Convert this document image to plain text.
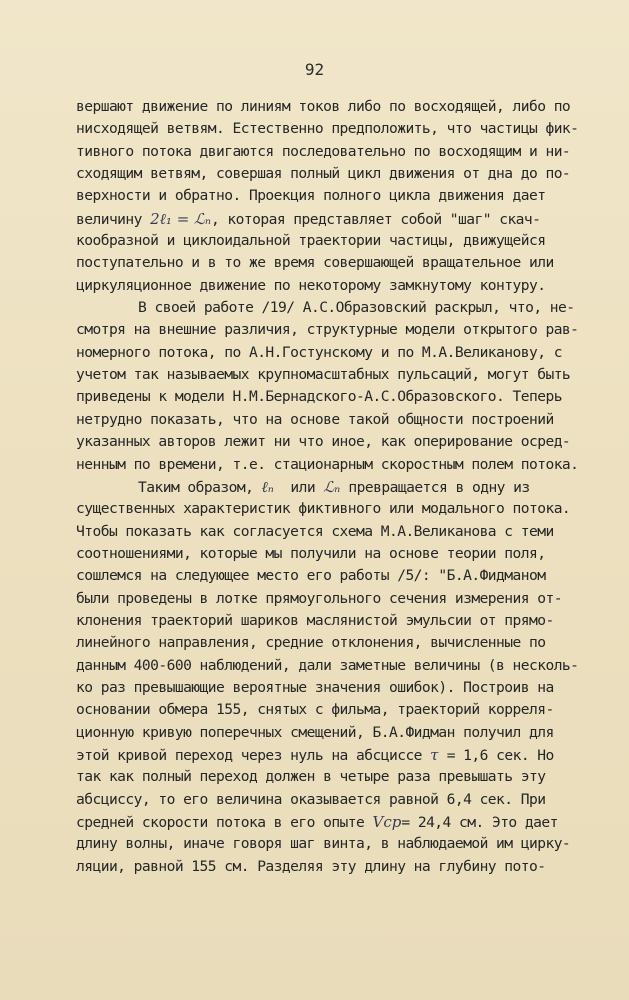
92
вершают движение по линиям токов либо по восходящей, либо по
нисходящей ветвям. Естественно предположить, что частицы фик-
тивного потока двигаются последовательно по восходящим и ни-
сходящим ветвям, совершая полный цикл движения от дна до по-
верхности и обратно. Проекция полного цикла движения дает
величину 2ℓ₁ = ℒₙ, которая представляет собой "шаг" скач-
кообразной и циклоидальной траектории частицы, движущейся
поступательно и в то же время совершающей вращательное или
циркуляционное движение по некоторому замкнутому контуру.
В своей работе /19/ А.С.Образовский раскрыл, что, не-
смотря на внешние различия, структурные модели открытого рав-
номерного потока, по А.Н.Гостунскому и по М.А.Великанову, с
учетом так называемых крупномасштабных пульсаций, могут быть
приведены к модели Н.М.Бернадского-А.С.Образовского. Теперь
нетрудно показать, что на основе такой общности построений
указанных авторов лежит ни что иное, как оперирование осред-
ненным по времени, т.е. стационарным скоростным полем потока.
Таким образом, ℓₙ  или ℒₙ превращается в одну из
существенных характеристик фиктивного или модального потока.
Чтобы показать как согласуется схема М.А.Великанова с теми
соотношениями, которые мы получили на основе теории поля,
сошлемся на следующее место его работы /5/: "Б.А.Фидманом
были проведены в лотке прямоугольного сечения измерения от-
клонения траекторий шариков маслянистой эмульсии от прямо-
линейного направления, средние отклонения, вычисленные по
данным 400-600 наблюдений, дали заметные величины (в несколь-
ко раз превышающие вероятные значения ошибок). Построив на
основании обмера 155, снятых с фильма, траекторий корреля-
ционную кривую поперечных смещений, Б.А.Фидман получил для
этой кривой переход через нуль на абсциссе τ = 1,6 сек. Но
так как полный переход должен в четыре раза превышать эту
абсциссу, то его величина оказывается равной 6,4 сек. При
средней скорости потока в его опыте Vср= 24,4 см. Это дает
длину волны, иначе говоря шаг винта, в наблюдаемой им цирку-
ляции, равной 155 см. Разделяя эту длину на глубину пото-
